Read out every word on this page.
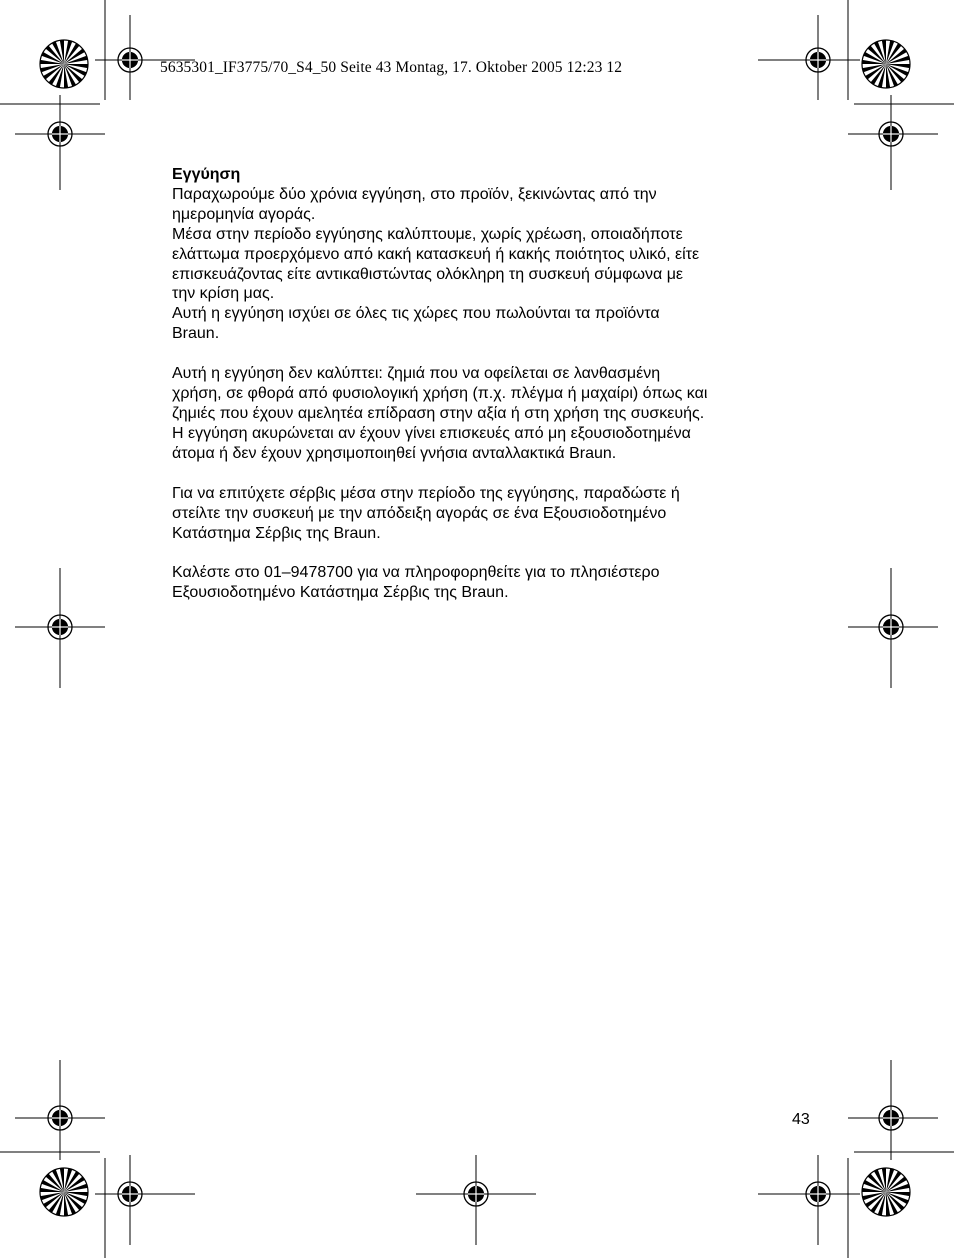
5635301_IF3775/70_S4_50 Seite 43 Montag, 17. Oktober 2005 12:23 12

Εγγύηση

Παραχωρούμε δύο χρόνια εγγύηση, στο προϊόν, ξεκινώντας από την
ημερομηνία αγοράς.
Μέσα στην περίοδο εγγύησης καλύπτουμε, χωρίς χρέωση, οποιαδήποτε
ελάττωμα προερχόμενο από κακή κατασκευή ή κακής ποιότητος υλικό, είτε
επισκευάζοντας είτε αντικαθιστώντας ολόκληρη τη συσκευή σύμφωνα με
την κρίση μας.
Αυτή η εγγύηση ισχύει σε όλες τις χώρες που πωλούνται τα προϊόντα
Braun.

Αυτή η εγγύηση δεν καλύπτει: ζημιά που να οφείλεται σε λανθασμένη
χρήση, σε φθορά από φυσιολογική χρήση (π.χ. πλέγμα ή μαχαίρι) όπως και
ζημιές που έχουν αμελητέα επίδραση στην αξία ή στη χρήση της συσκευής.
Η εγγύηση ακυρώνεται αν έχουν γίνει επισκευές από μη εξουσιοδοτημένα
άτομα ή δεν έχουν χρησιμοποιηθεί γνήσια ανταλλακτικά Braun.

Για να επιτύχετε σέρβις μέσα στην περίοδο της εγγύησης, παραδώστε ή
στείλτε την συσκευή με την απόδειξη αγοράς σε ένα Εξουσιοδοτημένο
Κατάστημα Σέρβις της Braun.

Καλέστε στο 01–9478700 για να πληροφορηθείτε για το πλησιέστερο
Εξουσιοδοτημένο Κατάστημα Σέρβις της Braun.

43
